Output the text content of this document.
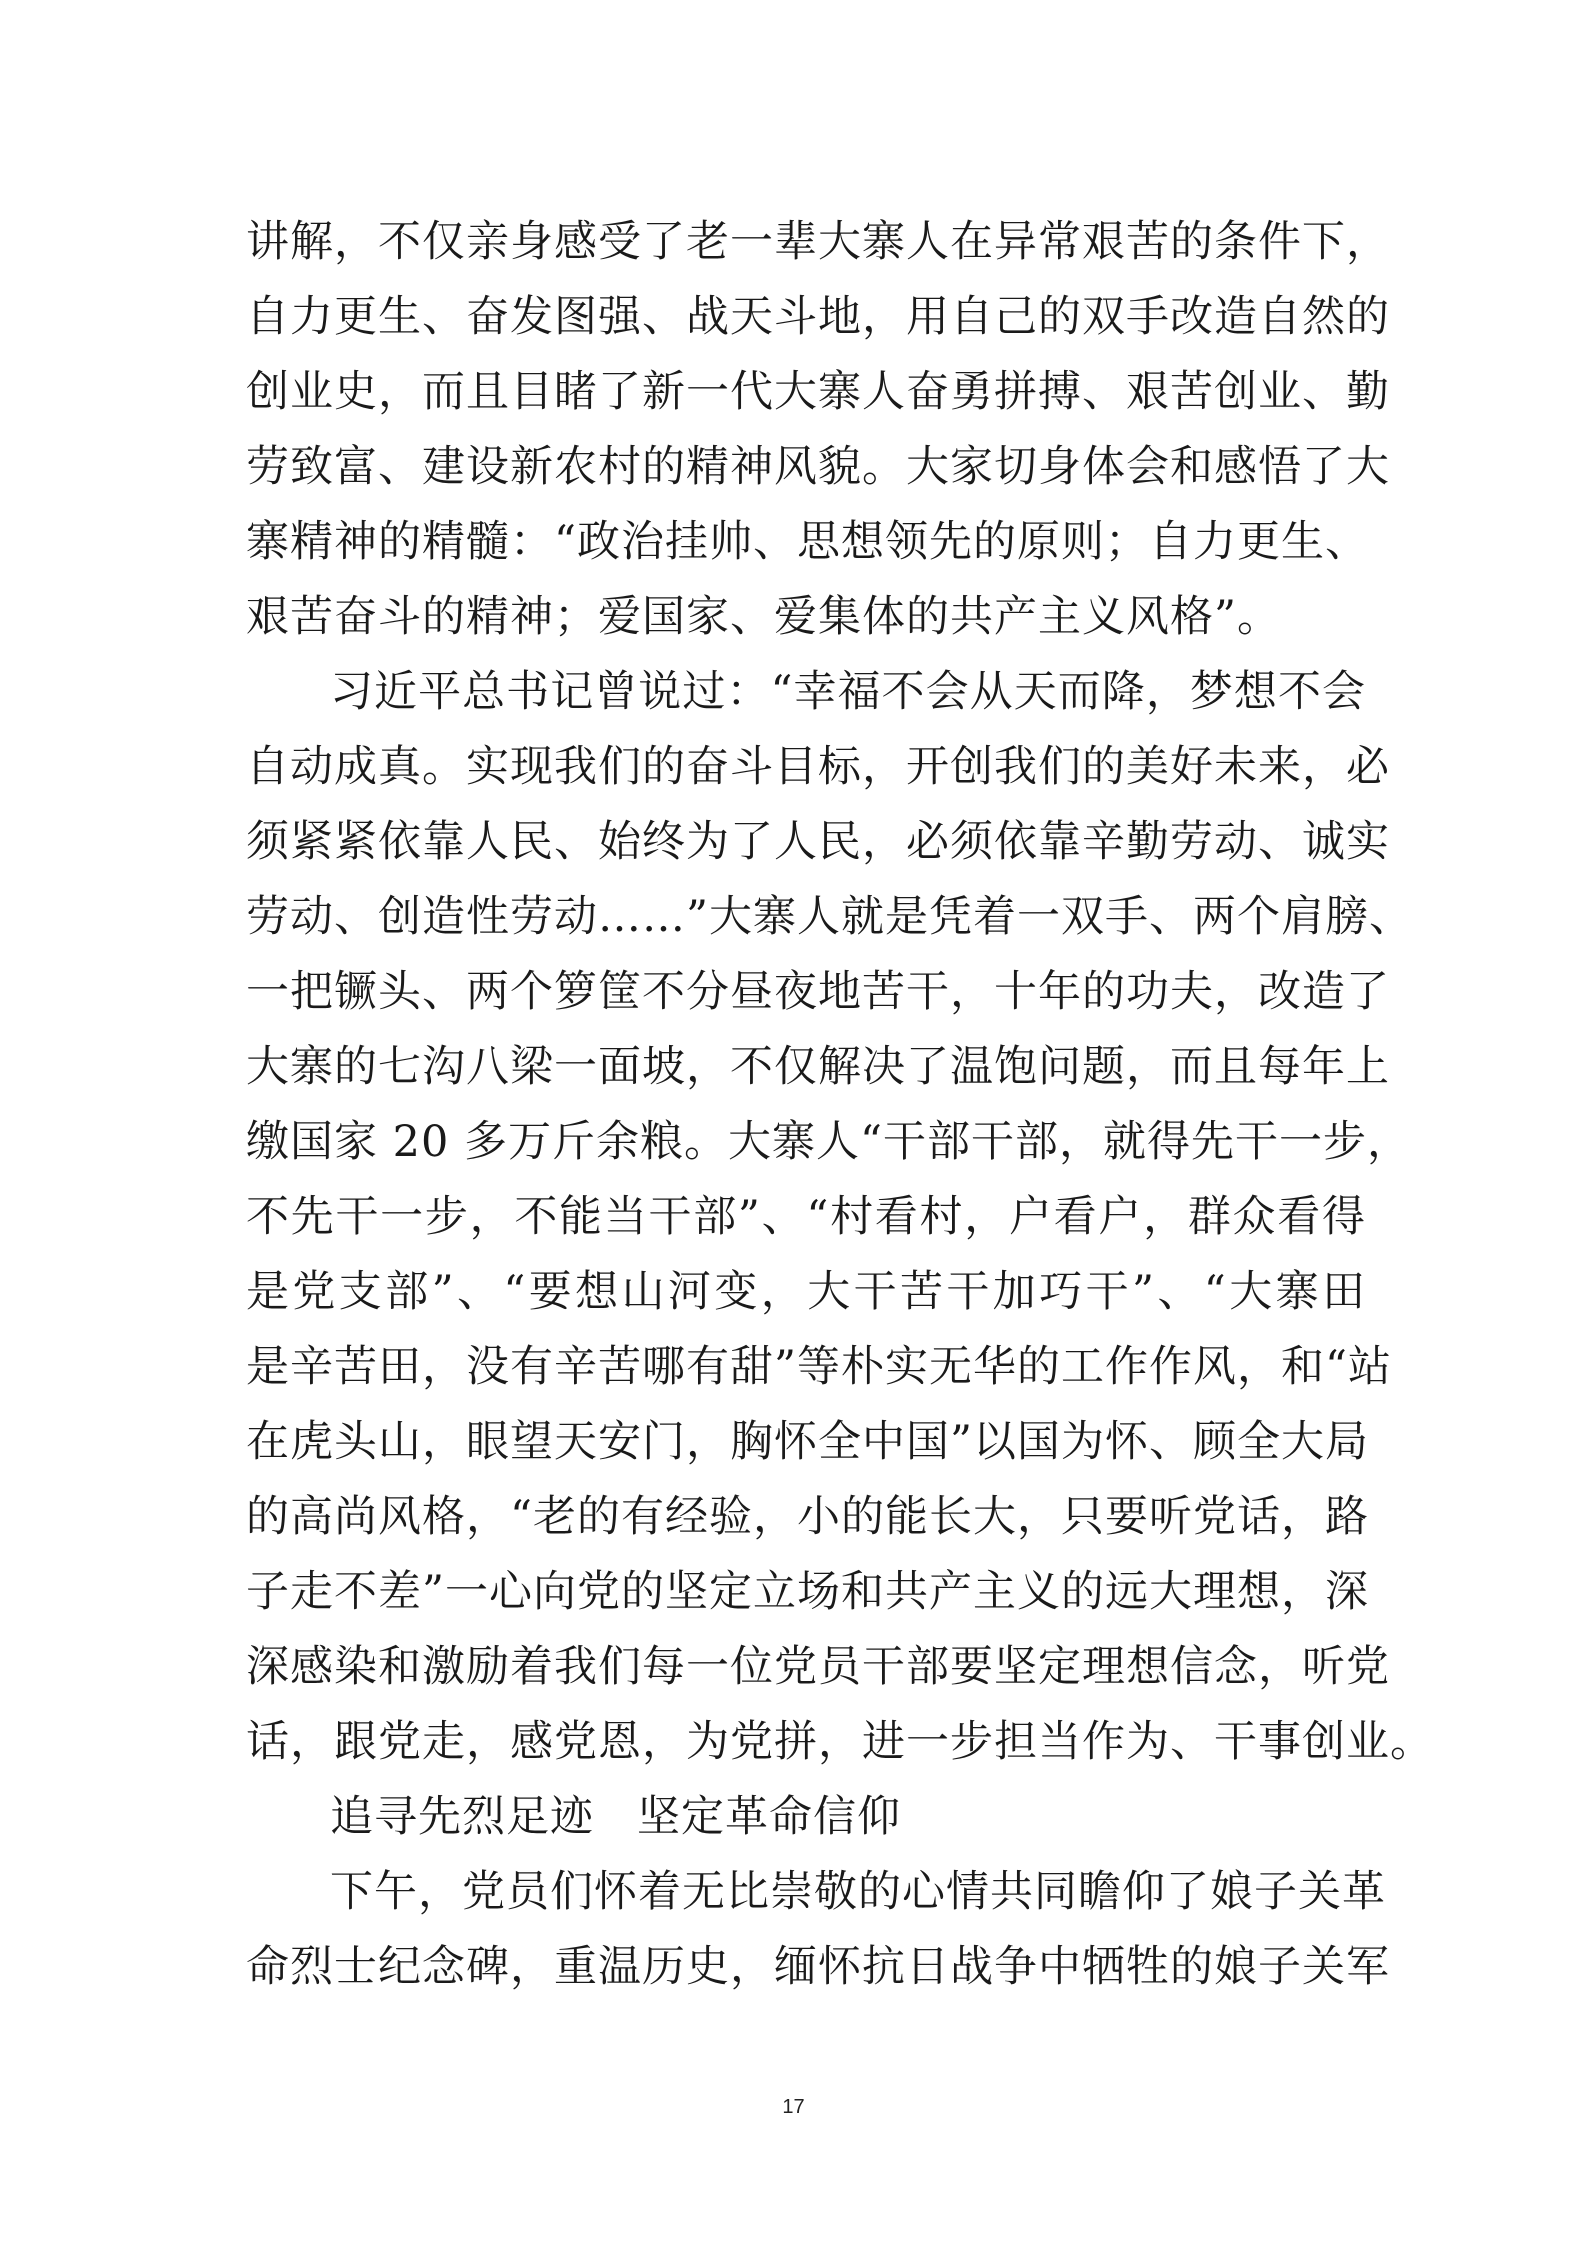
讲解，不仅亲身感受了老一辈大寨人在异常艰苦的条件下，
自力更生、奋发图强、战天斗地，用自己的双手改造自然的
创业史，而且目睹了新一代大寨人奋勇拼搏、艰苦创业、勤
劳致富、建设新农村的精神风貌。大家切身体会和感悟了大
寨精神的精髓：“政治挂帅、思想领先的原则；自力更生、
艰苦奋斗的精神；爱国家、爱集体的共产主义风格”。
习近平总书记曾说过：“幸福不会从天而降，梦想不会
自动成真。实现我们的奋斗目标，开创我们的美好未来，必
须紧紧依靠人民、始终为了人民，必须依靠辛勤劳动、诚实
劳动、创造性劳动……”大寨人就是凭着一双手、两个肩膀、
一把镢头、两个箩筐不分昼夜地苦干，十年的功夫，改造了
大寨的七沟八梁一面坡，不仅解决了温饱问题，而且每年上
缴国家 20 多万斤余粮。大寨人“干部干部，就得先干一步，
不先干一步，不能当干部”、“村看村，户看户，群众看得
是党支部”、“要想山河变，大干苦干加巧干”、“大寨田
是辛苦田，没有辛苦哪有甜”等朴实无华的工作作风，和“站
在虎头山，眼望天安门，胸怀全中国”以国为怀、顾全大局
的高尚风格，“老的有经验，小的能长大，只要听党话，路
子走不差”一心向党的坚定立场和共产主义的远大理想，深
深感染和激励着我们每一位党员干部要坚定理想信念，听党
话，跟党走，感党恩，为党拼，进一步担当作为、干事创业。
追寻先烈足迹 坚定革命信仰
下午，党员们怀着无比崇敬的心情共同瞻仰了娘子关革
命烈士纪念碑，重温历史，缅怀抗日战争中牺牲的娘子关军
17
